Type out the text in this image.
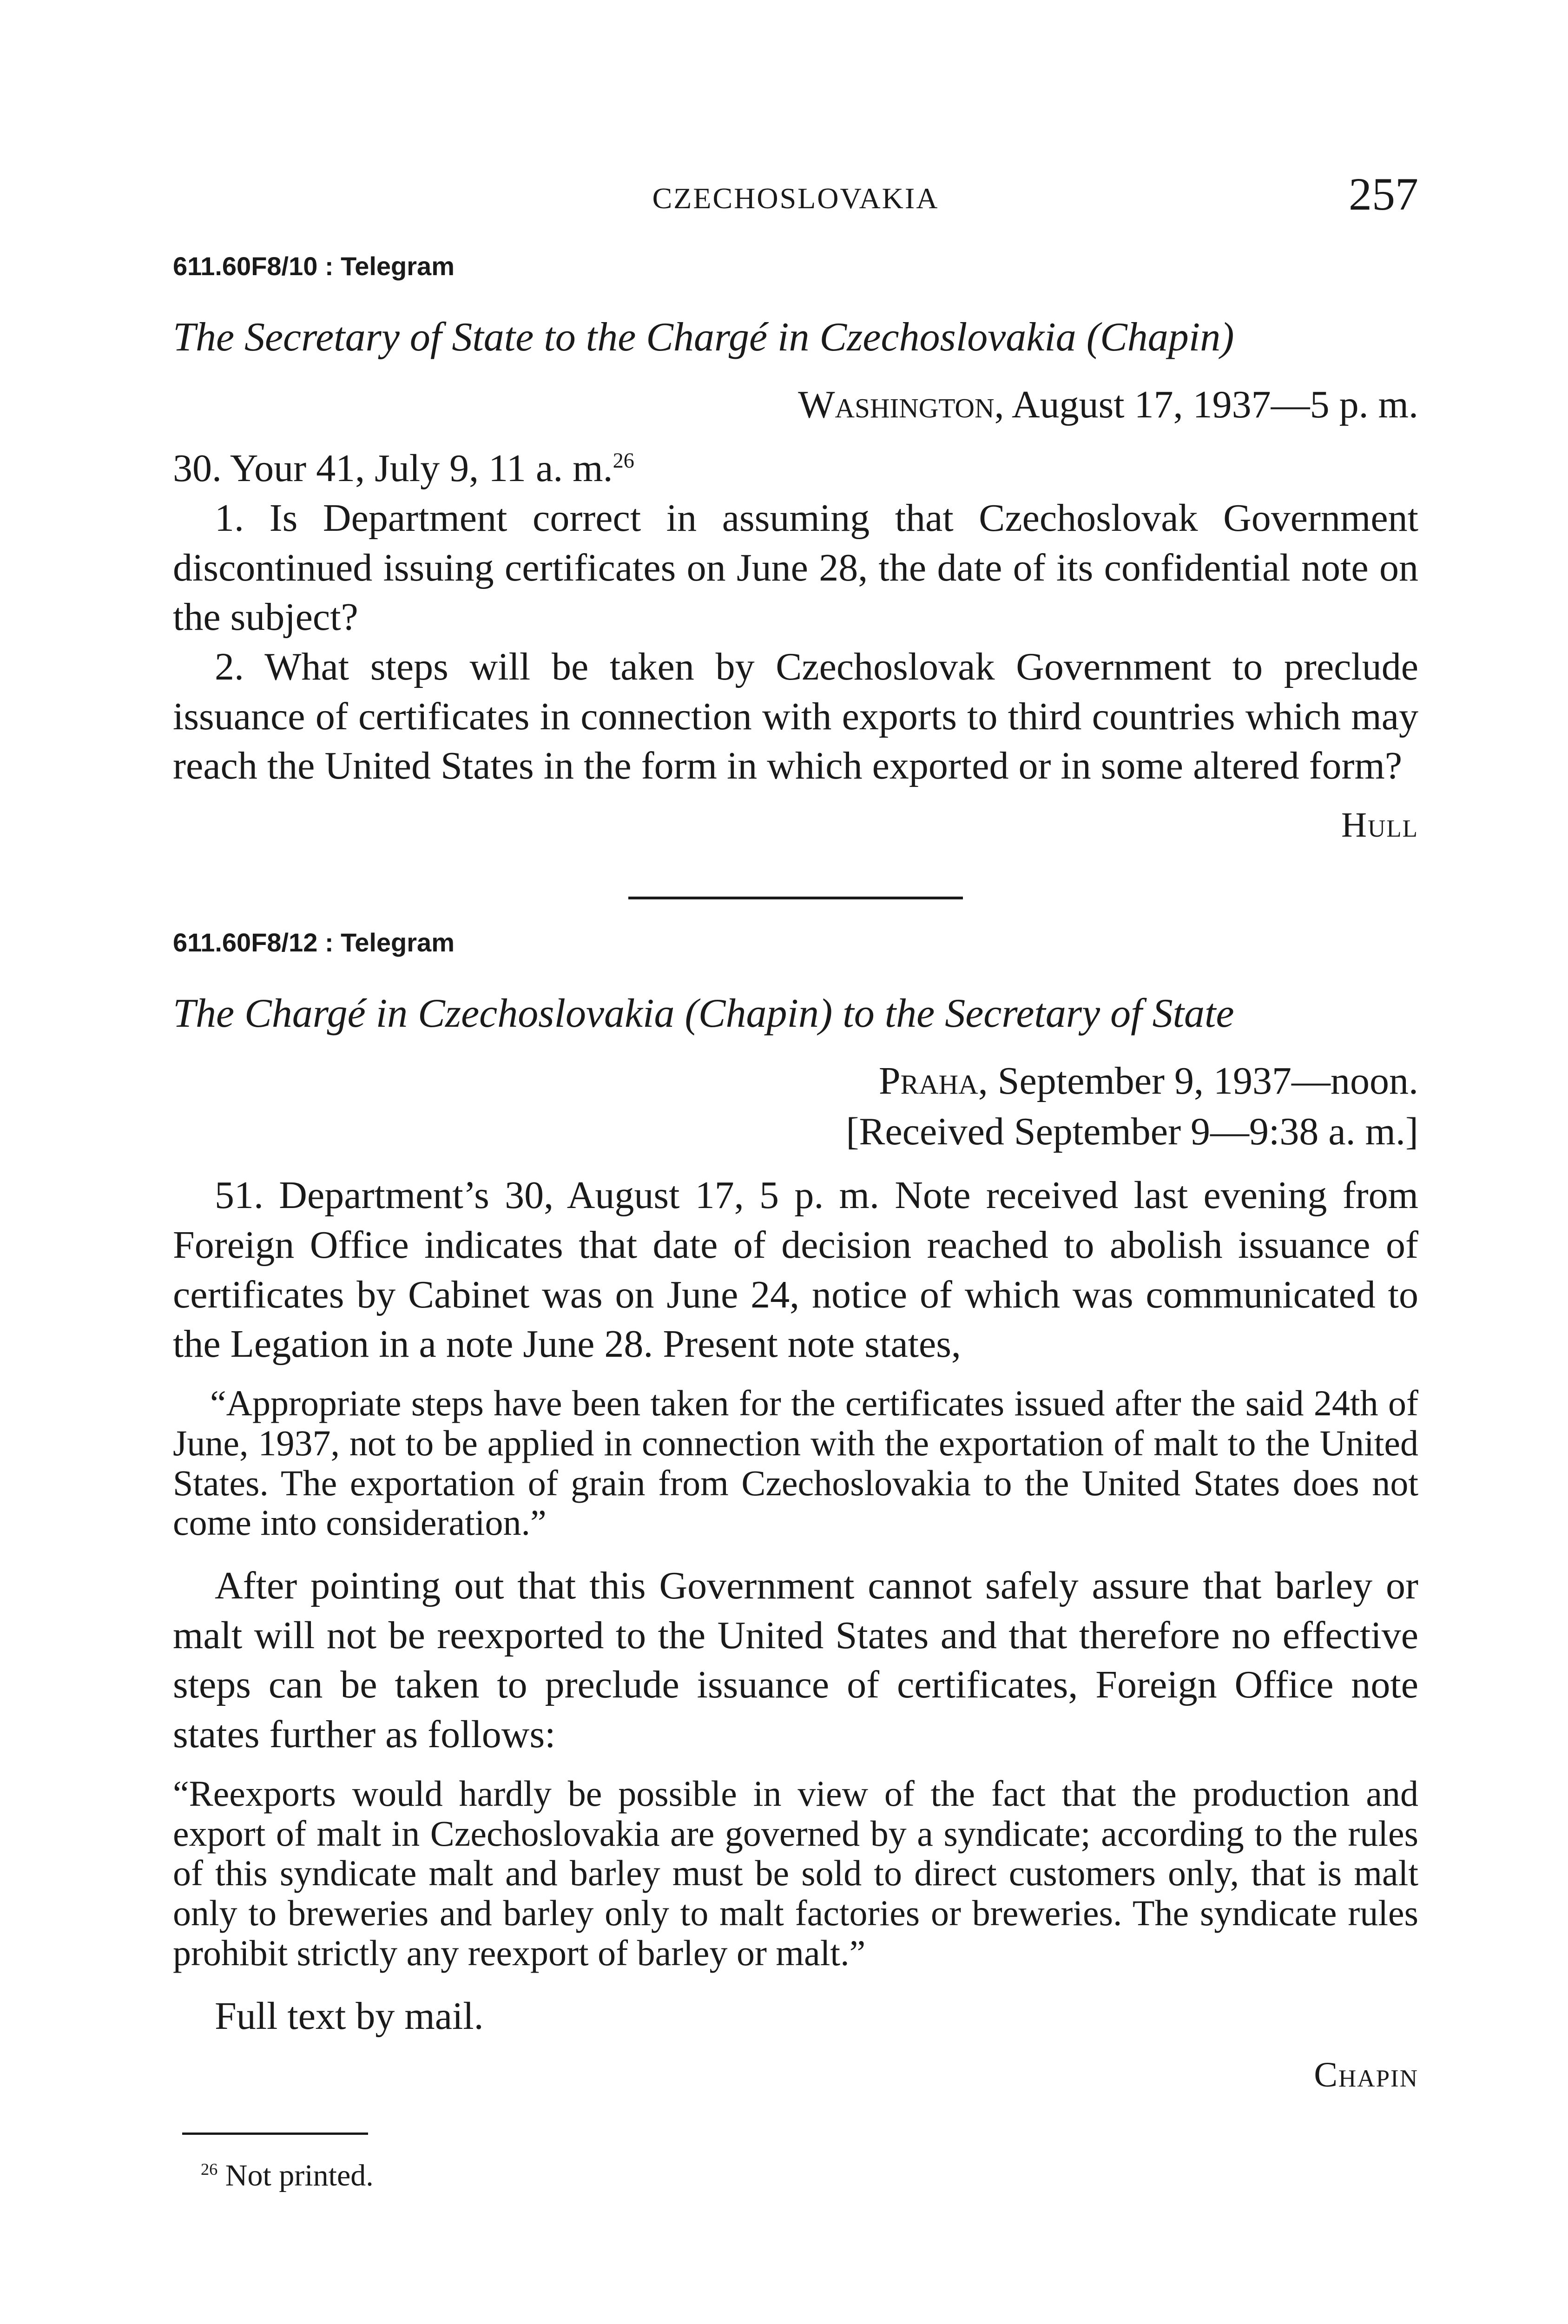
CZECHOSLOVAKIA	257
611.60F8/10 : Telegram
The Secretary of State to the Chargé in Czechoslovakia (Chapin)
Washington, August 17, 1937—5 p. m.

30. Your 41, July 9, 11 a. m.$^{26}$

1. Is Department correct in assuming that Czechoslovak Government discontinued issuing certificates on June 28, the date of its confidential note on the subject?

2. What steps will be taken by Czechoslovak Government to preclude issuance of certificates in connection with exports to third countries which may reach the United States in the form in which exported or in some altered form?

Hull
611.60F8/12 : Telegram
The Chargé in Czechoslovakia (Chapin) to the Secretary of State
Praha, September 9, 1937—noon.
[Received September 9—9:38 a. m.]

51. Department’s 30, August 17, 5 p. m. Note received last evening from Foreign Office indicates that date of decision reached to abolish issuance of certificates by Cabinet was on June 24, notice of which was communicated to the Legation in a note June 28. Present note states,

“Appropriate steps have been taken for the certificates issued after the said 24th of June, 1937, not to be applied in connection with the exportation of malt to the United States. The exportation of grain from Czechoslovakia to the United States does not come into consideration.”

After pointing out that this Government cannot safely assure that barley or malt will not be reexported to the United States and that therefore no effective steps can be taken to preclude issuance of certificates, Foreign Office note states further as follows:

“Reexports would hardly be possible in view of the fact that the production and export of malt in Czechoslovakia are governed by a syndicate; according to the rules of this syndicate malt and barley must be sold to direct customers only, that is malt only to breweries and barley only to malt factories or breweries. The syndicate rules prohibit strictly any reexport of barley or malt.”

Full text by mail.

Chapin
$^{26}$ Not printed.
